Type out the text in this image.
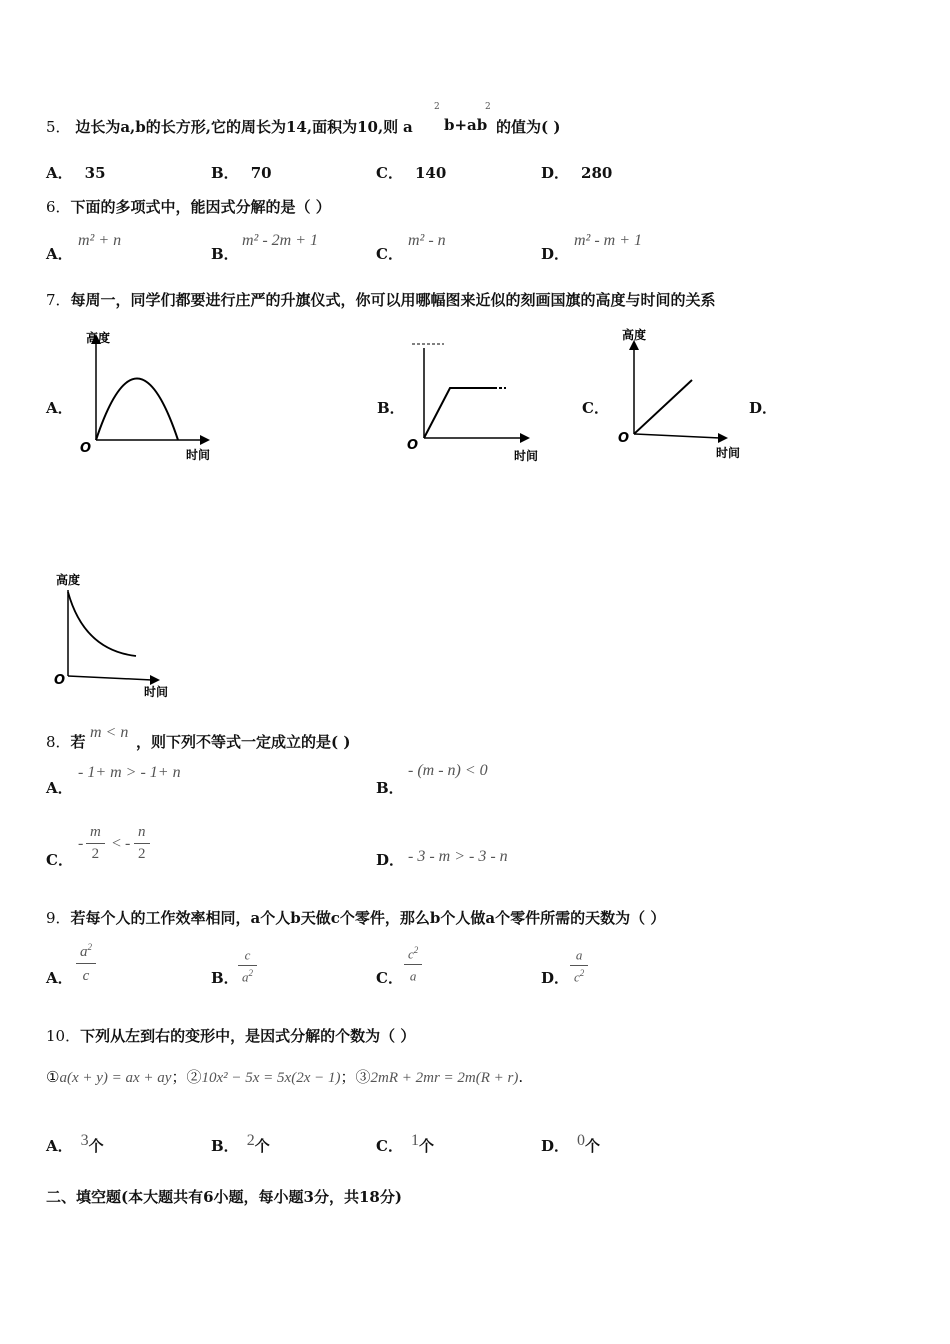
5． 边长为a,b的长方形,它的周长为14,面积为10,则 a
2
b+ab
2
的值为( )
A． 35	B． 70	C． 140	D． 280
6．下面的多项式中，能因式分解的是（ ）
A．
m² + n
B．
m² - 2m + 1
C．
m² - n
D．
m² - m + 1
7．每周一，同学们都要进行庄严的升旗仪式，你可以用哪幅图来近似的刻画国旗的高度与时间的关系
A．	B．	C．	D．
高度
时间
O	时间
O
高度
时间
O
高度
时间
O
8．若
m < n
，则下列不等式一定成立的是( )
A．
- 1+ m > - 1+ n
B．
- (m - n) < 0
C．
-
m
2
< -
n
2	D． - 3 - m > - 3 - n
9．若每个人的工作效率相同，a个人b天做c个零件，那么b个人做a个零件所需的天数为（ ）
A．
$a^2$
c	B．
c
$a^2$	C．
$c^2$
a	D．
a
$c^2$
10．下列从左到右的变形中，是因式分解的个数为（ ）
①a(x + y) = ax + ay；②10x² − 5x = 5x(2x − 1)；③2mR + 2mr = 2m(R + r).
A． 3个	B． 2个	C． 1个	D． 0个
二、填空题(本大题共有6小题，每小题3分，共18分)
